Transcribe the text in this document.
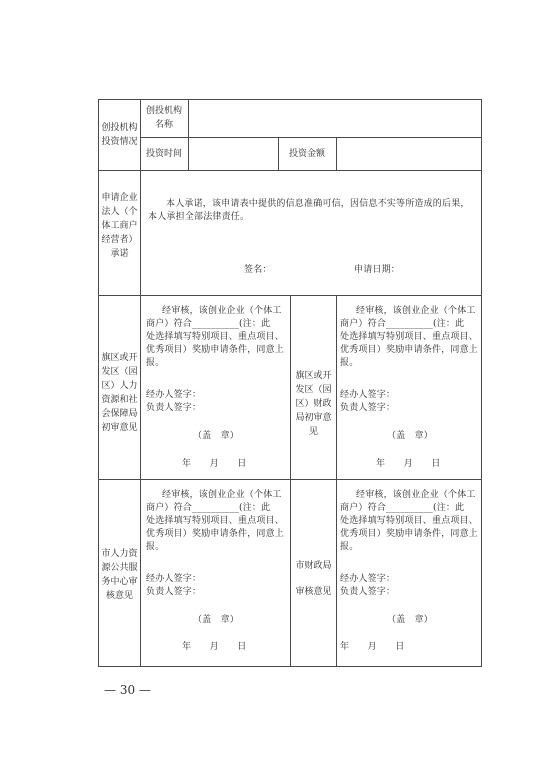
创投机构投资情况
创投机构名称
投资时间	投资金额
申请企业法人（个体工商户经营者）承诺
本人承诺，该申请表中提供的信息准确可信，因信息不实等所造成的后果，本人承担全部法律责任。
签名：	申请日期：
旗区或开发区（园区）人力资源和社会保障局初审意见
经审核，该创业企业（个体工
商户）符合__________(注：此
处选择填写特别项目、重点项目、
优秀项目）奖励申请条件，同意上
报。
经办人签字：
负责人签字：
（盖　章）
年　　月　　日
旗区或开发区（园区）财政局初审意见
经审核，该创业企业（个体工
商户）符合__________(注：此
处选择填写特别项目、重点项目、
优秀项目）奖励申请条件，同意上
报。
经办人签字：
负责人签字：
（盖　章）
年　　月　　日
市人力资源公共服务中心审核意见
经审核，该创业企业（个体工
商户）符合__________(注：此
处选择填写特别项目、重点项目、
优秀项目）奖励申请条件，同意上
报。
经办人签字：
负责人签字：
（盖　章）
年　　月　　日
市财政局
审核意见
经审核，该创业企业（个体工
商户）符合__________(注：此
处选择填写特别项目、重点项目、
优秀项目）奖励申请条件，同意上
报。
经办人签字：
负责人签字：
（盖　章）
年　　月　　日
— 30 —
